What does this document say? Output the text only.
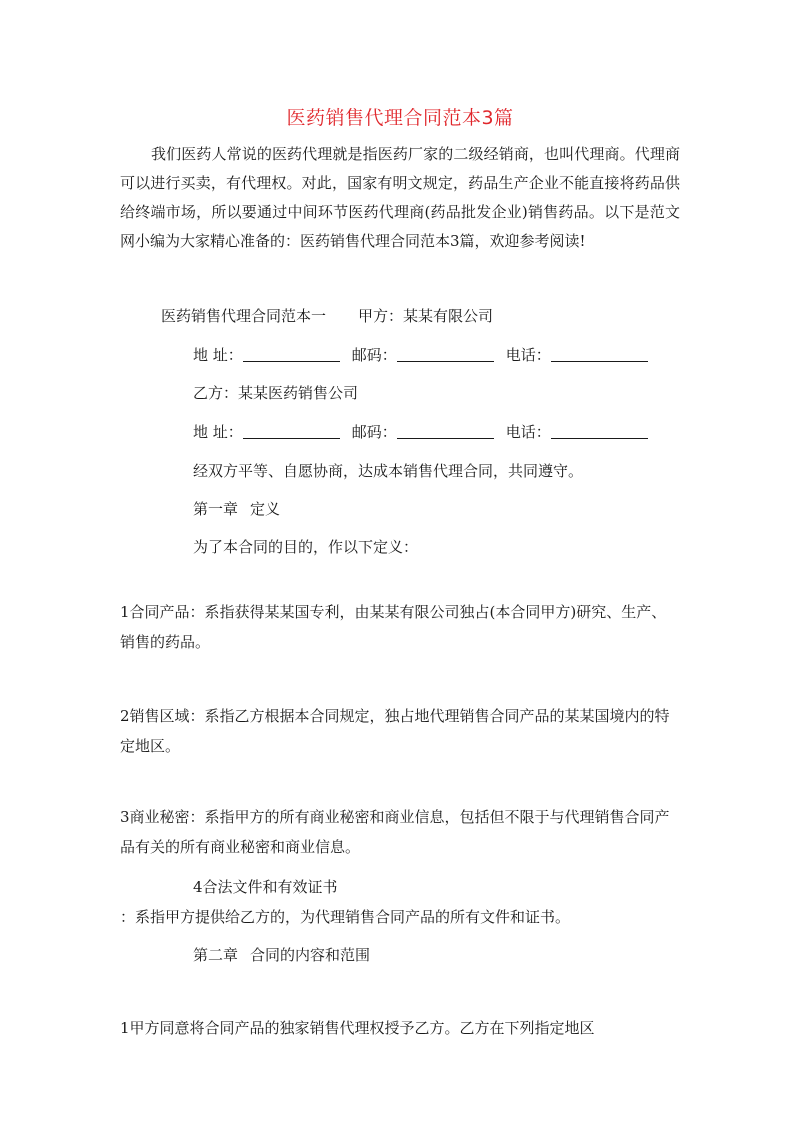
医药销售代理合同范本3篇
我们医药人常说的医药代理就是指医药厂家的二级经销商，也叫代理商。代理商可以进行买卖，有代理权。对此，国家有明文规定，药品生产企业不能直接将药品供给终端市场，所以要通过中间环节医药代理商(药品批发企业)销售药品。以下是范文网小编为大家精心准备的：医药销售代理合同范本3篇，欢迎参考阅读!
医药销售代理合同范本一 甲方：某某有限公司
地 址：	邮码：	电话：
乙方：某某医药销售公司
地 址：	邮码：	电话：
经双方平等、自愿协商，达成本销售代理合同，共同遵守。
第一章 定义
为了本合同的目的，作以下定义：
1合同产品：系指获得某某国专利，由某某有限公司独占(本合同甲方)研究、生产、销售的药品。
2销售区域：系指乙方根据本合同规定，独占地代理销售合同产品的某某国境内的特定地区。
3商业秘密：系指甲方的所有商业秘密和商业信息，包括但不限于与代理销售合同产品有关的所有商业秘密和商业信息。
4合法文件和有效证书
：系指甲方提供给乙方的，为代理销售合同产品的所有文件和证书。
第二章 合同的内容和范围
1甲方同意将合同产品的独家销售代理权授予乙方。乙方在下列指定地区
